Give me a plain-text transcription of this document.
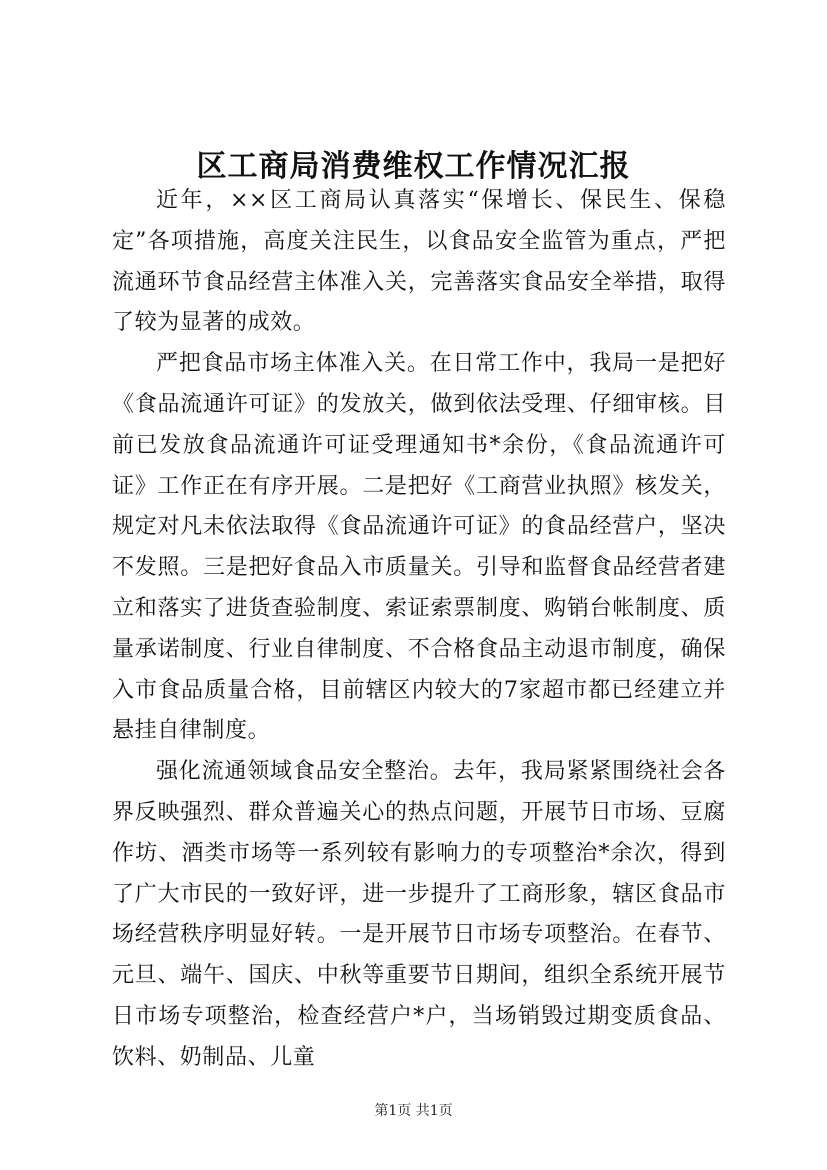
区工商局消费维权工作情况汇报

近年，××区工商局认真落实“保增长、保民生、保稳定”各项措施，高度关注民生，以食品安全监管为重点，严把流通环节食品经营主体准入关，完善落实食品安全举措，取得了较为显著的成效。

严把食品市场主体准入关。在日常工作中，我局一是把好《食品流通许可证》的发放关，做到依法受理、仔细审核。目前已发放食品流通许可证受理通知书*余份，《食品流通许可证》工作正在有序开展。二是把好《工商营业执照》核发关，规定对凡未依法取得《食品流通许可证》的食品经营户，坚决不发照。三是把好食品入市质量关。引导和监督食品经营者建立和落实了进货查验制度、索证索票制度、购销台帐制度、质量承诺制度、行业自律制度、不合格食品主动退市制度，确保入市食品质量合格，目前辖区内较大的7家超市都已经建立并悬挂自律制度。

强化流通领域食品安全整治。去年，我局紧紧围绕社会各界反映强烈、群众普遍关心的热点问题，开展节日市场、豆腐作坊、酒类市场等一系列较有影响力的专项整治*余次，得到了广大市民的一致好评，进一步提升了工商形象，辖区食品市场经营秩序明显好转。一是开展节日市场专项整治。在春节、元旦、端午、国庆、中秋等重要节日期间，组织全系统开展节日市场专项整治，检查经营户*户，当场销毁过期变质食品、饮料、奶制品、儿童

第1页 共1页
